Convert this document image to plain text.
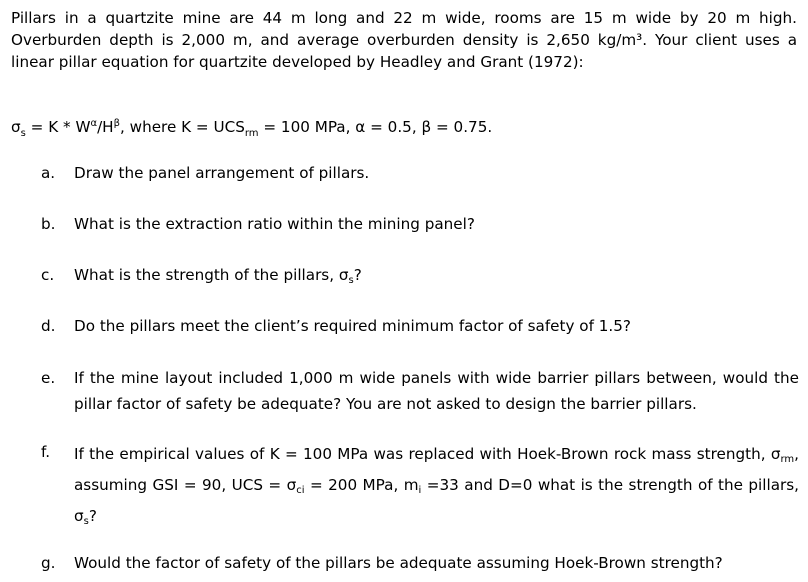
Pillars in a quartzite mine are 44 m long and 22 m wide, rooms are 15 m wide by 20 m high. Overburden depth is 2,000 m, and average overburden density is 2,650 kg/m³. Your client uses a linear pillar equation for quartzite developed by Headley and Grant (1972):

$\sigma_s = K * W^\alpha/H^\beta$, where $K = UCS_{rm} = 100$ MPa, α = 0.5, β = 0.75.

a.	Draw the panel arrangement of pillars.
b.	What is the extraction ratio within the mining panel?
c.	What is the strength of the pillars, σs?
d.	Do the pillars meet the client’s required minimum factor of safety of 1.5?
e.	If the mine layout included 1,000 m wide panels with wide barrier pillars between, would the pillar factor of safety be adequate? You are not asked to design the barrier pillars.
f.	If the empirical values of K = 100 MPa was replaced with Hoek-Brown rock mass strength, σrm, assuming GSI = 90, UCS = σci = 200 MPa, mi =33 and D=0 what is the strength of the pillars, σs?
g.	Would the factor of safety of the pillars be adequate assuming Hoek-Brown strength?
